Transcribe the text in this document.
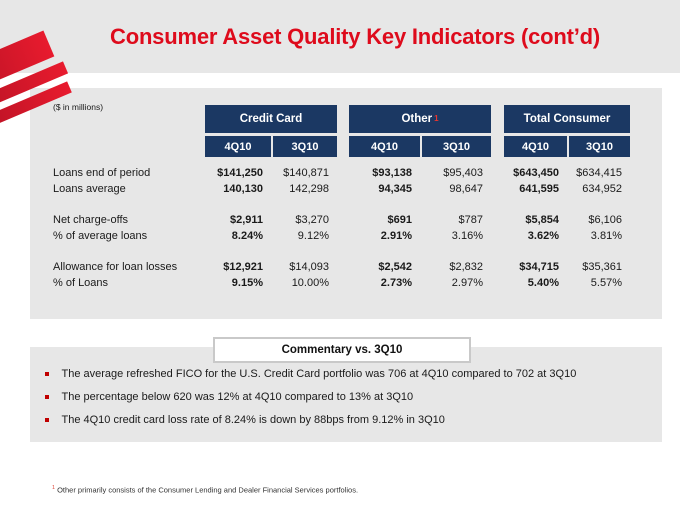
Consumer Asset Quality Key Indicators (cont’d)
($ in millions)
Credit Card	Other $^1$	Total Consumer
4Q10	3Q10	4Q10	3Q10	4Q10	3Q10
Loans end of period	$141,250	$140,871	$93,138	$95,403	$643,450	$634,415
Loans average	140,130	142,298	94,345	98,647	641,595	634,952
Net charge-offs	$2,911	$3,270	$691	$787	$5,854	$6,106
% of average loans	8.24%	9.12%	2.91%	3.16%	3.62%	3.81%
Allowance for loan losses	$12,921	$14,093	$2,542	$2,832	$34,715	$35,361
% of Loans	9.15%	10.00%	2.73%	2.97%	5.40%	5.57%
The average refreshed FICO for the U.S. Credit Card portfolio was 706 at 4Q10 compared to 702 at 3Q10
The percentage below 620 was 12% at 4Q10 compared to 13% at 3Q10
The 4Q10 credit card loss rate of 8.24% is down by 88bps from 9.12% in 3Q10
Commentary vs. 3Q10
$^1$ Other primarily consists of the Consumer Lending and Dealer Financial Services portfolios.
